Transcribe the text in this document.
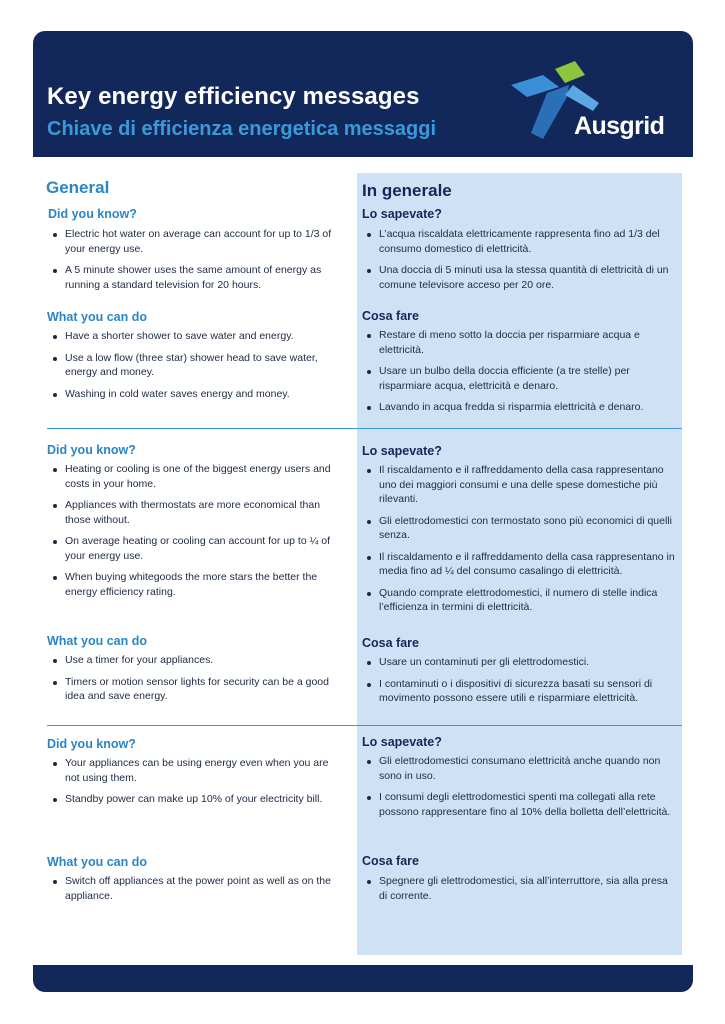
Key energy efficiency messages
Chiave di efficienza energetica messaggi	Ausgrid
General	In generale
Did you know?	Lo sapevate?
Electric hot water on average can account for up to 1/3 of your energy use.
A 5 minute shower uses the same amount of energy as running a standard television for 20 hours.
L’acqua riscaldata elettricamente rappresenta fino ad 1/3 del consumo domestico di elettricità.
Una doccia di 5 minuti usa la stessa quantità di elettricità di un comune televisore acceso per 20 ore.
What you can do	Cosa fare
Have a shorter shower to save water and energy.
Use a low flow (three star) shower head to save water, energy and money.
Washing in cold water saves energy and money.
Restare di meno sotto la doccia per risparmiare acqua e elettricità.
Usare un bulbo della doccia efficiente (a tre stelle) per risparmiare acqua, elettricità e denaro.
Lavando in acqua fredda si risparmia elettricità e denaro.
Did you know?	Lo sapevate?
Heating or cooling is one of the biggest energy users and costs in your home.
Appliances with thermostats are more economical than those without.
On average heating or cooling can account for up to ¼ of your energy use.
When buying whitegoods the more stars the better the energy efficiency rating.
Il riscaldamento e il raffreddamento della casa rappresentano uno dei maggiori consumi e una delle spese domestiche più rilevanti.
Gli elettrodomestici con termostato sono più economici di quelli senza.
Il riscaldamento e il raffreddamento della casa rappresentano in media fino ad ¼ del consumo casalingo di elettricità.
Quando comprate elettrodomestici, il numero di stelle indica l’efficienza in termini di elettricità.
What you can do	Cosa fare
Use a timer for your appliances.
Timers or motion sensor lights for security can be a good idea and save energy.
Usare un contaminuti per gli elettrodomestici.
I contaminuti o i dispositivi di sicurezza basati su sensori di movimento possono essere utili e risparmiare elettricità.
Did you know?	Lo sapevate?
Your appliances can be using energy even when you are not using them.
Standby power can make up 10% of your electricity bill.
Gli elettrodomestici consumano elettricità anche quando non sono in uso.
I consumi degli elettrodomestici spenti ma collegati alla rete possono rappresentare fino al 10% della bolletta dell’elettricità.
What you can do	Cosa fare
Switch off appliances at the power point as well as on the appliance.
Spegnere gli elettrodomestici, sia all’interruttore, sia alla presa di corrente.
